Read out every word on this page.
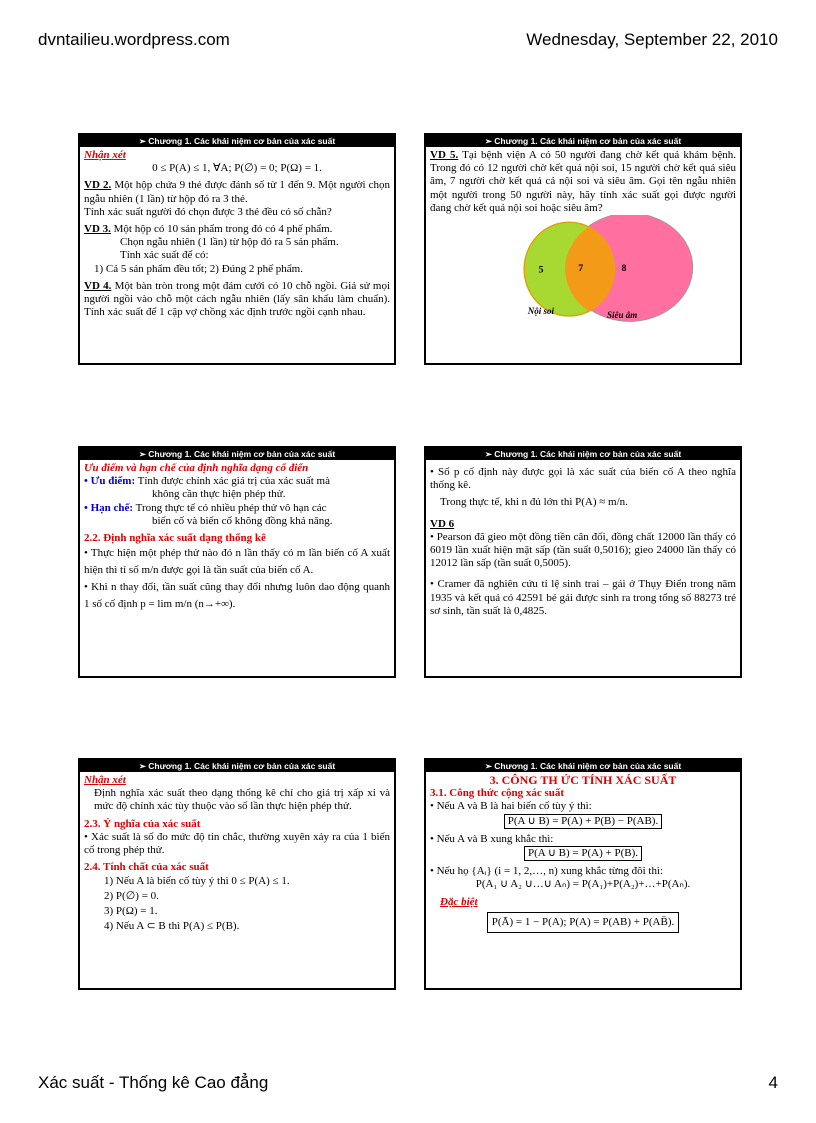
dvntailieu.wordpress.com	Wednesday, September 22, 2010
➢ Chương 1. Các khái niệm cơ bản của xác suất
Nhận xét
0 ≤ P(A) ≤ 1, ∀A; P(∅) = 0; P(Ω) = 1.
VD 2. Một hộp chứa 9 thẻ được đánh số từ 1 đến 9. Một người chọn ngẫu nhiên (1 lần) từ hộp đó ra 3 thẻ.
Tính xác suất người đó chọn được 3 thẻ đều có số chẵn?
VD 3. Một hộp có 10 sản phẩm trong đó có 4 phế phẩm.
Chọn ngẫu nhiên (1 lần) từ hộp đó ra 5 sản phẩm.
Tính xác suất để có:
1) Cả 5 sản phẩm đều tốt; 2) Đúng 2 phế phẩm.
VD 4. Một bàn tròn trong một đám cưới có 10 chỗ ngồi. Giả sử mọi người ngồi vào chỗ một cách ngẫu nhiên (lấy sân khấu làm chuẩn). Tính xác suất để 1 cặp vợ chồng xác định trước ngồi cạnh nhau.
➢ Chương 1. Các khái niệm cơ bản của xác suất
VD 5. Tại bệnh viện A có 50 người đang chờ kết quả khám bệnh. Trong đó có 12 người chờ kết quả nội soi, 15 người chờ kết quả siêu âm, 7 người chờ kết quả cả nội soi và siêu âm. Gọi tên ngẫu nhiên một người trong 50 người này, hãy tính xác suất gọi được người đang chờ kết quả nội soi hoặc siêu âm?
5	7	8
Nội soi	Siêu âm
➢ Chương 1. Các khái niệm cơ bản của xác suất
Ưu điểm và hạn chế của định nghĩa dạng cổ điển
• Ưu điểm: Tính được chính xác giá trị của xác suất mà
không cần thực hiện phép thử.
• Hạn chế: Trong thực tế có nhiều phép thử vô hạn các
biến cố và biến cố không đồng khả năng.
2.2. Định nghĩa xác suất dạng thống kê
• Thực hiện một phép thử nào đó n lần thấy có m lần biến cố A xuất hiện thì tỉ số m/n được gọi là tần suất của biến cố A.
• Khi n thay đổi, tần suất cũng thay đổi nhưng luôn dao động quanh 1 số cố định p = lim m/n (n→+∞).
➢ Chương 1. Các khái niệm cơ bản của xác suất
• Số p cố định này được gọi là xác suất của biến cố A theo nghĩa thống kê.
Trong thực tế, khi n đủ lớn thì P(A) ≈ m/n.
VD 6
• Pearson đã gieo một đồng tiền cân đối, đồng chất 12000 lần thấy có 6019 lần xuất hiện mặt sấp (tần suất 0,5016); gieo 24000 lần thấy có 12012 lần sấp (tần suất 0,5005).
• Cramer đã nghiên cứu tỉ lệ sinh trai – gái ở Thụy Điển trong năm 1935 và kết quả có 42591 bé gái được sinh ra trong tổng số 88273 trẻ sơ sinh, tần suất là 0,4825.
➢ Chương 1. Các khái niệm cơ bản của xác suất
Nhận xét
Định nghĩa xác suất theo dạng thống kê chỉ cho giá trị xấp xỉ và mức độ chính xác tùy thuộc vào số lần thực hiện phép thử.
2.3. Ý nghĩa của xác suất
• Xác suất là số đo mức độ tin chắc, thường xuyên xảy ra của 1 biến cố trong phép thử.
2.4. Tính chất của xác suất
1) Nếu A là biến cố tùy ý thì 0 ≤ P(A) ≤ 1.
2) P(∅) = 0.
3) P(Ω) = 1.
4) Nếu A ⊂ B thì P(A) ≤ P(B).
➢ Chương 1. Các khái niệm cơ bản của xác suất
3. CÔNG TH ỨC TÍNH XÁC SUẤT
3.1. Công thức cộng xác suất
• Nếu A và B là hai biến cố tùy ý thì:
P(A ∪ B) = P(A) + P(B) − P(AB).
• Nếu A và B xung khắc thì:
P(A ∪ B) = P(A) + P(B).
• Nếu họ {Aᵢ} (i = 1, 2,…, n) xung khắc từng đôi thì:
P(A₁ ∪ A₂ ∪…∪ Aₙ) = P(A₁)+P(A₂)+…+P(Aₙ).
Đặc biệt
P(Ā) = 1 − P(A); P(A) = P(AB) + P(AB̄).
Xác suất - Thống kê Cao đẳng	4
